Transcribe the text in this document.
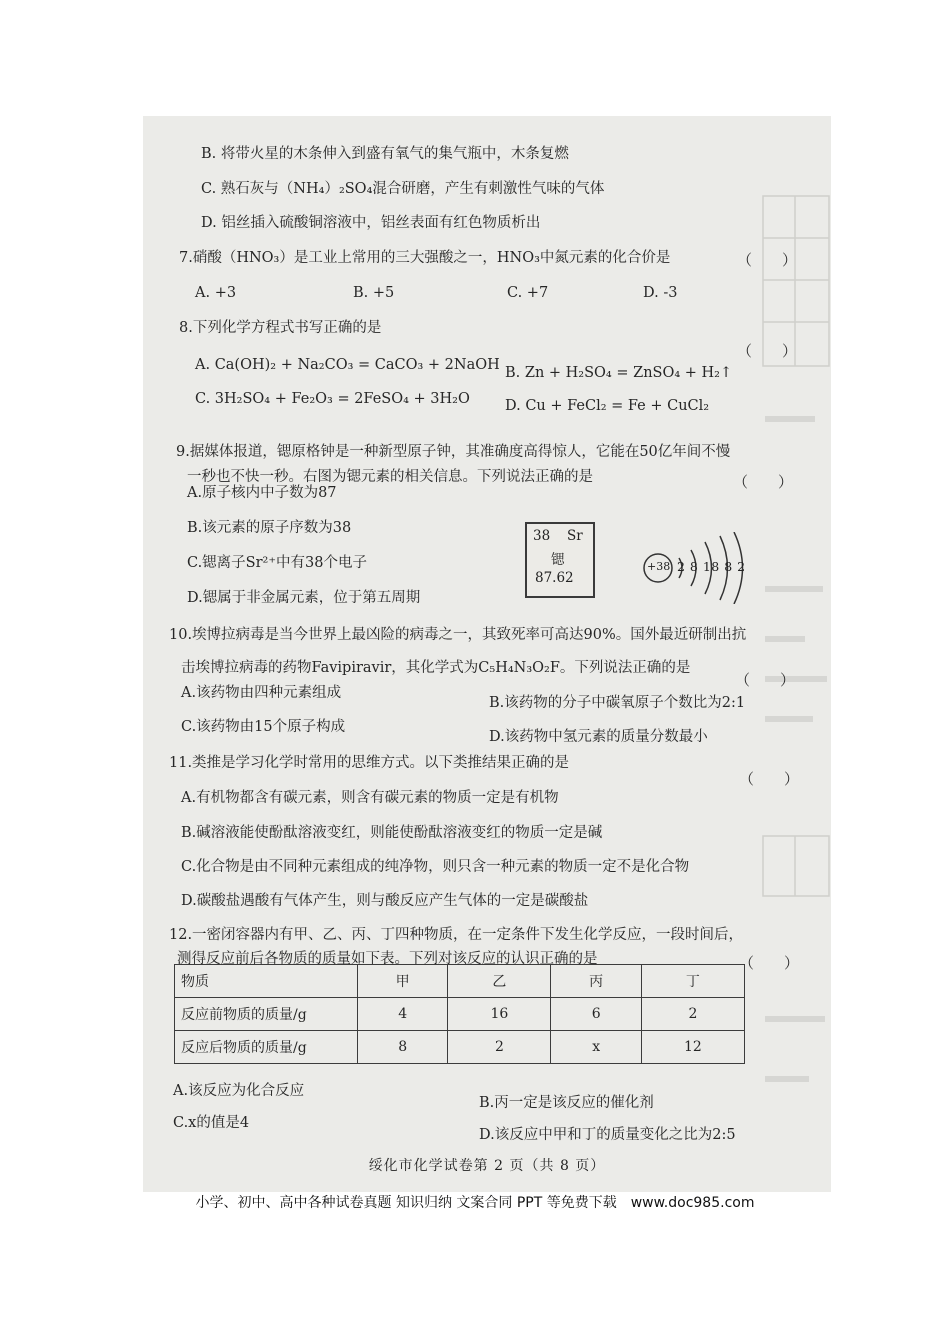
B. 将带火星的木条伸入到盛有氧气的集气瓶中，木条复燃
C. 熟石灰与（NH₄）₂SO₄混合研磨，产生有刺激性气味的气体
D. 铝丝插入硫酸铜溶液中，铝丝表面有红色物质析出
7.硝酸（HNO₃）是工业上常用的三大强酸之一，HNO₃中氮元素的化合价是	（　　）
A. +3	B. +5	C. +7	D. -3
8.下列化学方程式书写正确的是
（　　）
A. Ca(OH)₂ + Na₂CO₃ = CaCO₃ + 2NaOH B. Zn + H₂SO₄ = ZnSO₄ + H₂↑
C. 3H₂SO₄ + Fe₂O₃ = 2FeSO₄ + 3H₂O D. Cu + FeCl₂ = Fe + CuCl₂
9.据媒体报道，锶原格钟是一种新型原子钟，其准确度高得惊人，它能在50亿年间不慢
一秒也不快一秒。右图为锶元素的相关信息。下列说法正确的是	（　　）
A.原子核内中子数为87
B.该元素的原子序数为38
C.锶离子Sr²⁺中有38个电子
D.锶属于非金属元素，位于第五周期
38 Sr
锶
87.62
+38 2 8 18 8 2
10.埃博拉病毒是当今世界上最凶险的病毒之一，其致死率可高达90%。国外最近研制出抗
击埃博拉病毒的药物Favipiravir，其化学式为C₅H₄N₃O₂F。下列说法正确的是
（　　）
A.该药物由四种元素组成
B.该药物的分子中碳氧原子个数比为2:1
C.该药物由15个原子构成
D.该药物中氢元素的质量分数最小
11.类推是学习化学时常用的思维方式。以下类推结果正确的是
（　　）
A.有机物都含有碳元素，则含有碳元素的物质一定是有机物
B.碱溶液能使酚酞溶液变红，则能使酚酞溶液变红的物质一定是碱
C.化合物是由不同种元素组成的纯净物，则只含一种元素的物质一定不是化合物
D.碳酸盐遇酸有气体产生，则与酸反应产生气体的一定是碳酸盐
12.一密闭容器内有甲、乙、丙、丁四种物质，在一定条件下发生化学反应，一段时间后，
测得反应前后各物质的质量如下表。下列对该反应的认识正确的是	（　　）
物质	甲	乙	丙	丁
反应前物质的质量/g	4	16	6	2
反应后物质的质量/g	8	2	x	12
A.该反应为化合反应
B.丙一定是该反应的催化剂
C.x的值是4
D.该反应中甲和丁的质量变化之比为2:5
绥化市化学试卷第 2 页（共 8 页）
小学、初中、高中各种试卷真题 知识归纳 文案合同 PPT 等免费下载　www.doc985.com
